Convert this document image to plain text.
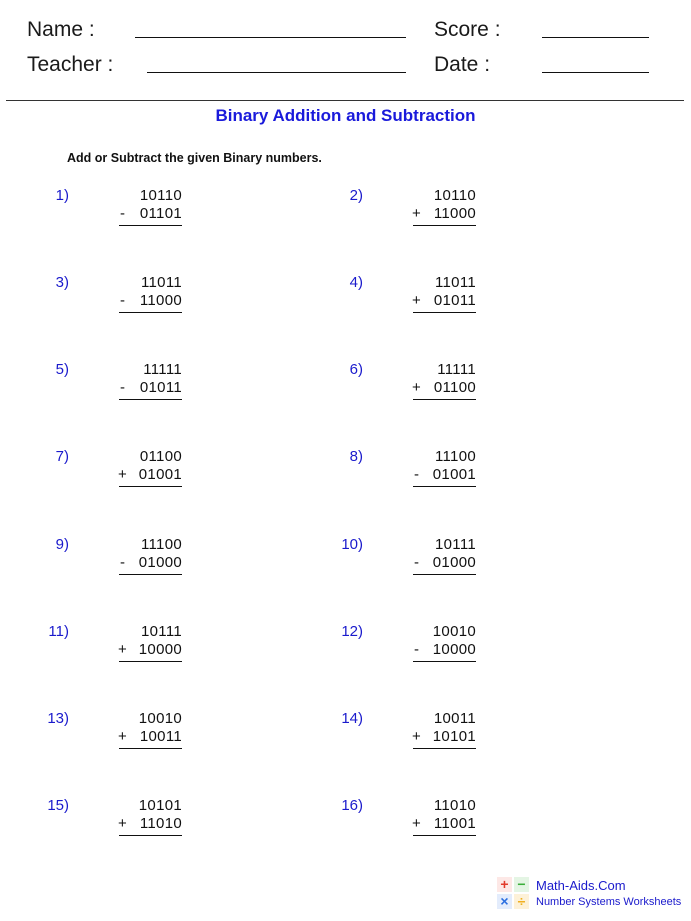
Name :
Teacher :
Score :
Date :
Binary Addition and Subtraction
Add or Subtract the given Binary numbers.
1)	10110
- 01101
2)	10110
+ 11000
3)	11011
- 11000
4)	11011
+ 01011
5)	11111
- 01011
6)	11111
+ 01100
7)	01100
+ 01001
8)	11100
- 01001
9)	11100
- 01000
10)	10111
- 01000
11)	10111
+ 10000
12)	10010
- 10000
13)	10010
+ 10011
14)	10011
+ 10101
15)	10101
+ 11010
16)	11010
+ 11001
+ −
× ÷
Math-Aids.Com
Number Systems Worksheets
